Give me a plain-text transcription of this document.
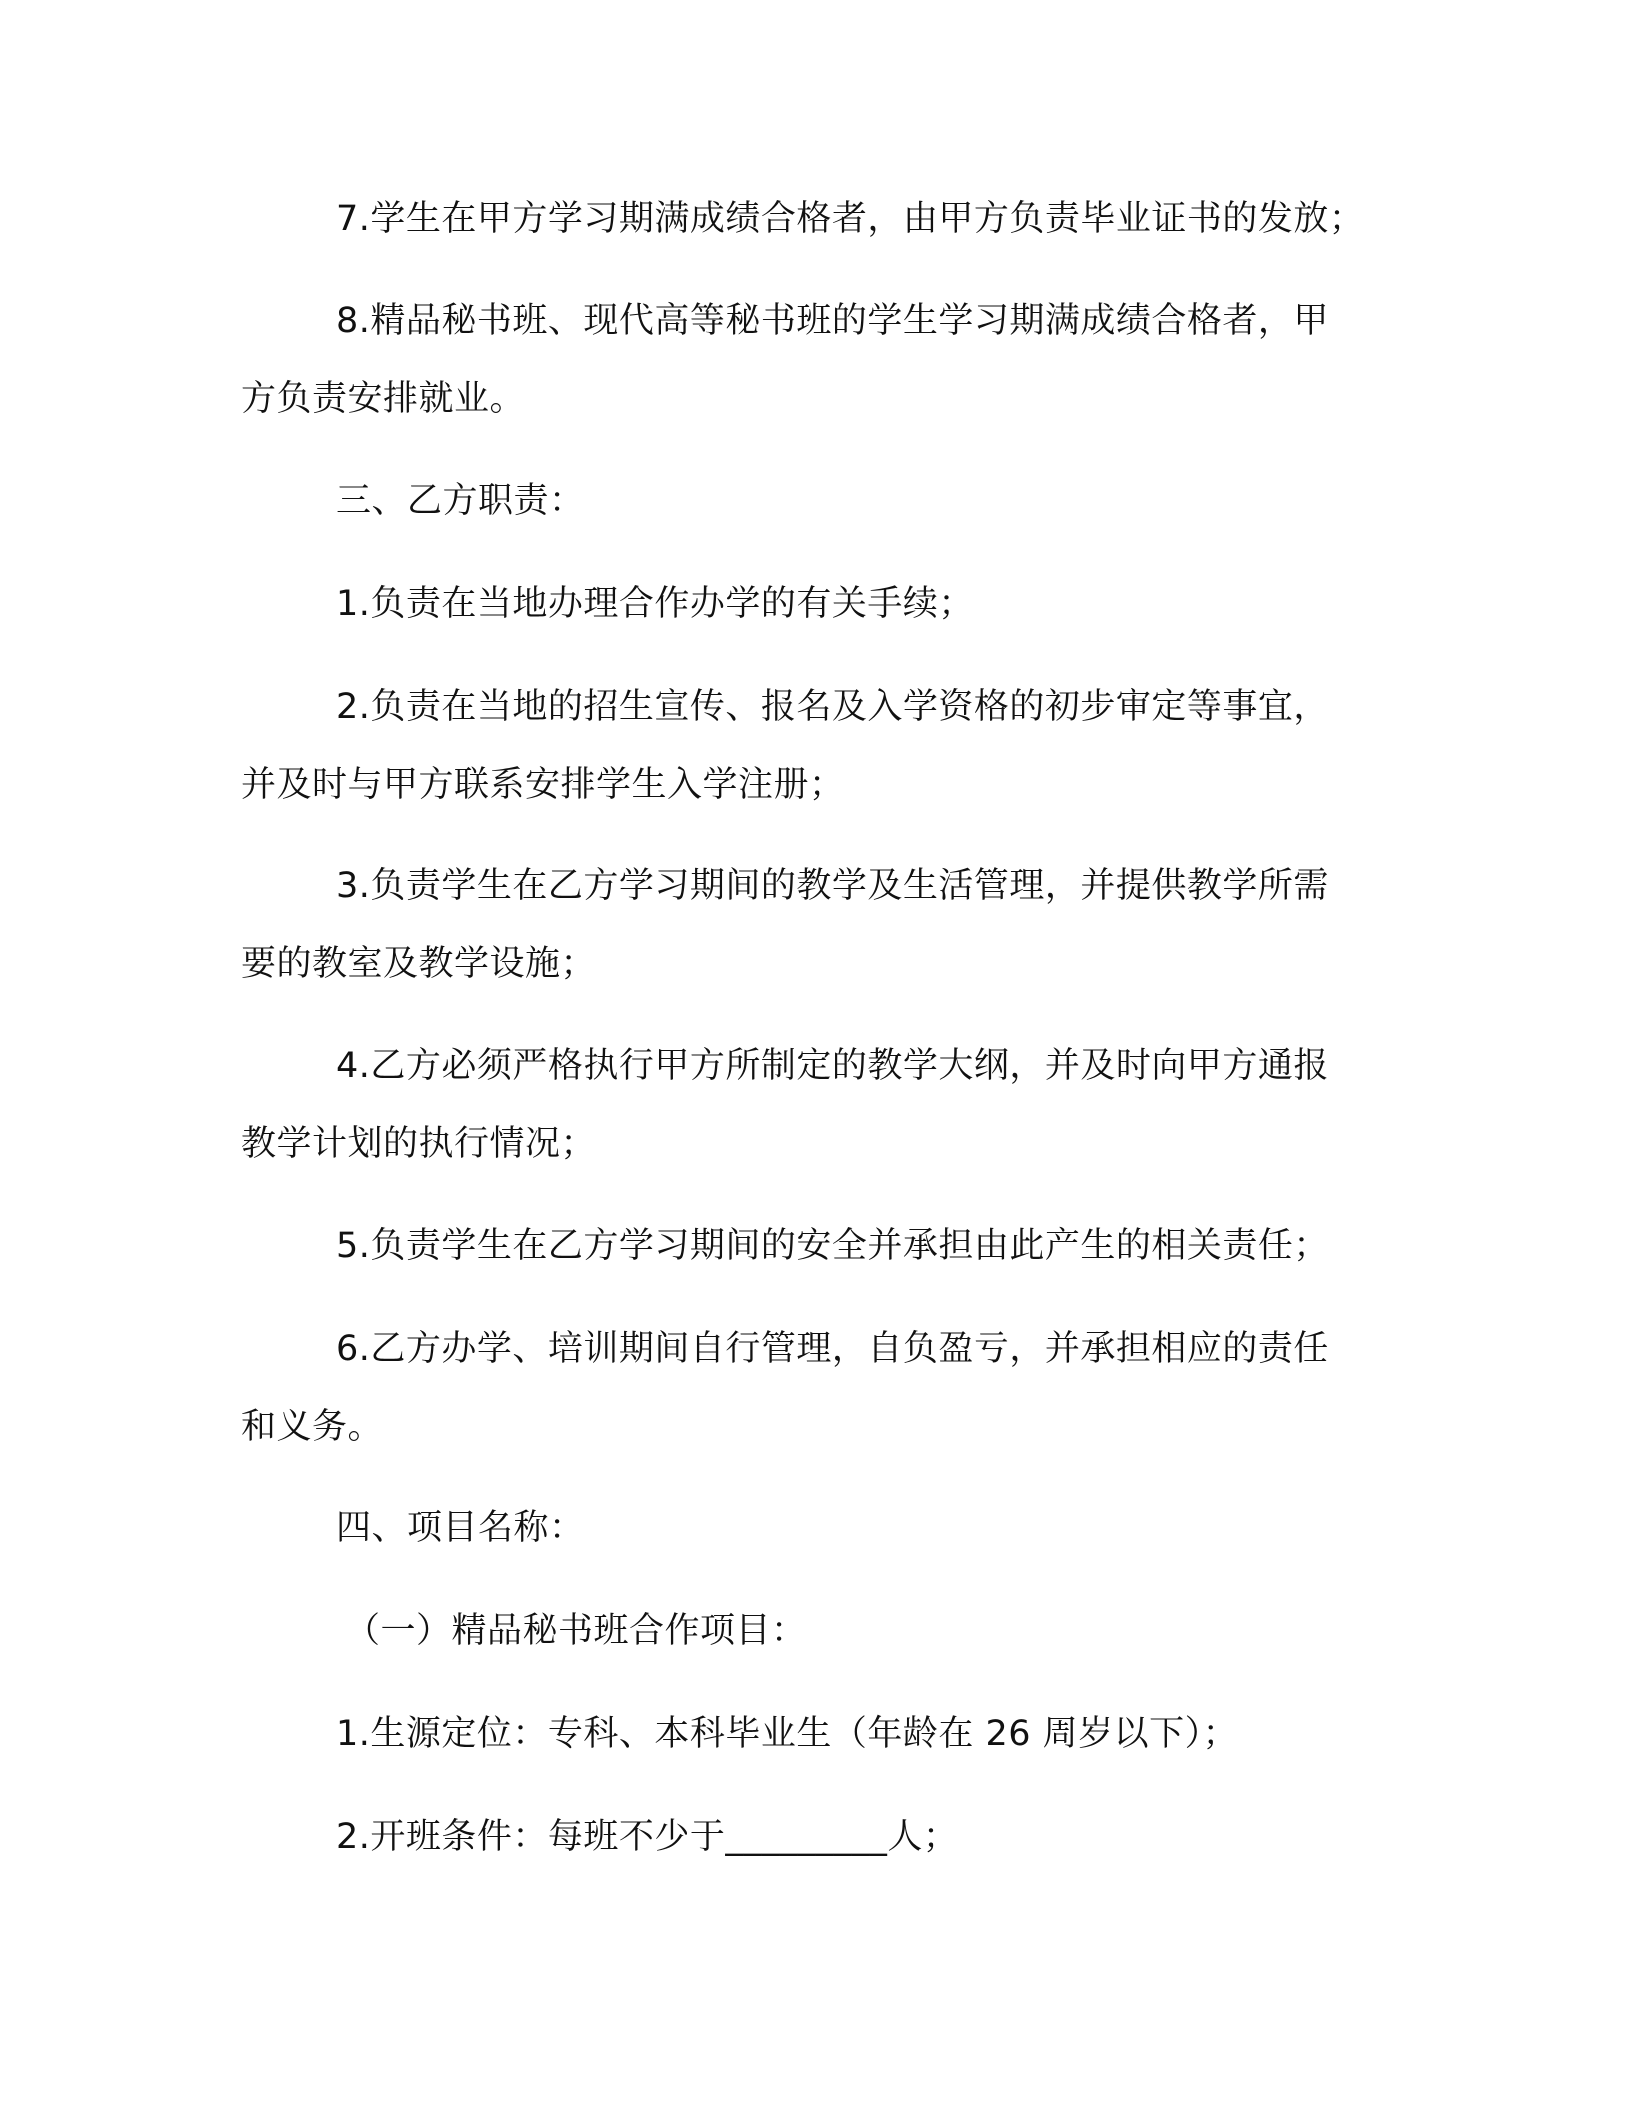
7.学生在甲方学习期满成绩合格者，由甲方负责毕业证书的发放；
8.精品秘书班、现代高等秘书班的学生学习期满成绩合格者，甲
方负责安排就业。
三、乙方职责：
1.负责在当地办理合作办学的有关手续；
2.负责在当地的招生宣传、报名及入学资格的初步审定等事宜，
并及时与甲方联系安排学生入学注册；
3.负责学生在乙方学习期间的教学及生活管理，并提供教学所需
要的教室及教学设施；
4.乙方必须严格执行甲方所制定的教学大纲，并及时向甲方通报
教学计划的执行情况；
5.负责学生在乙方学习期间的安全并承担由此产生的相关责任；
6.乙方办学、培训期间自行管理，自负盈亏，并承担相应的责任
和义务。
四、项目名称：
（一）精品秘书班合作项目：
1.生源定位：专科、本科毕业生（年龄在 26 周岁以下）；
2.开班条件：每班不少于_________人；
